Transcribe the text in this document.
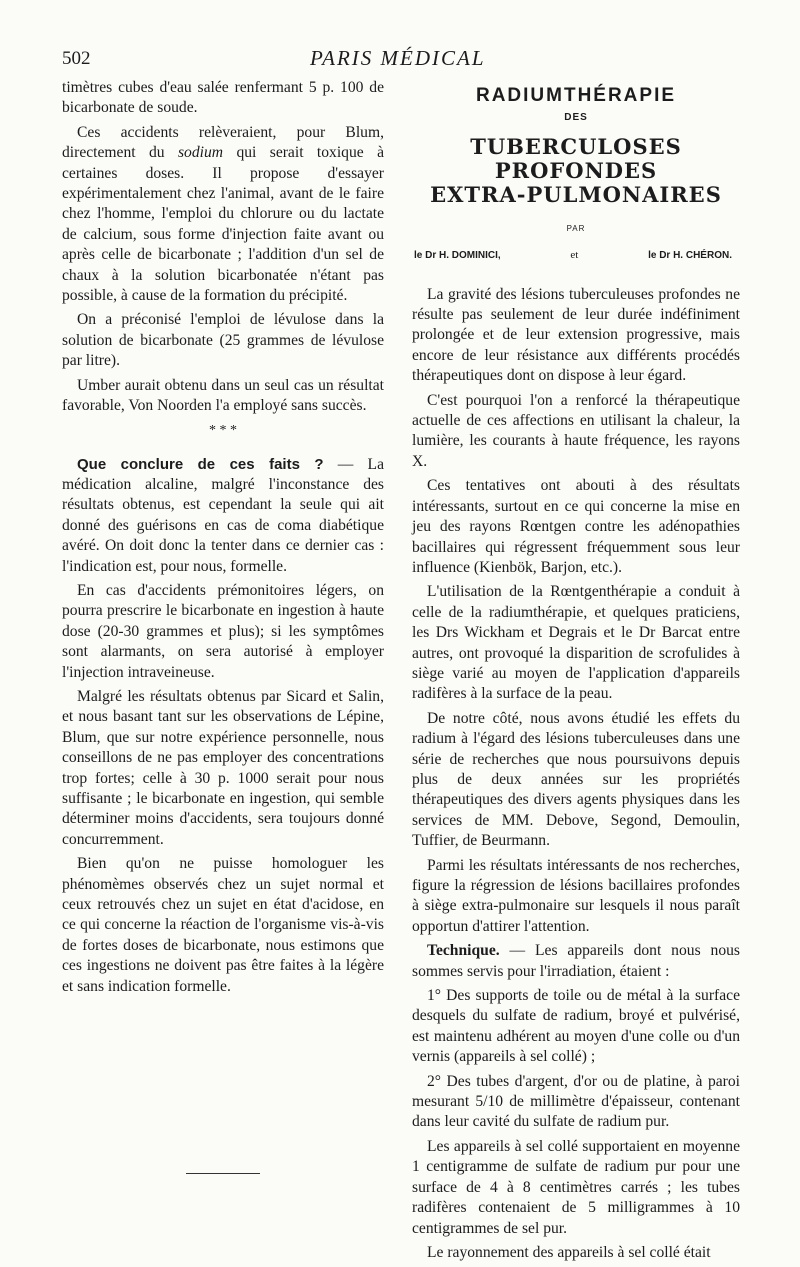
502	PARIS MÉDICAL

timètres cubes d'eau salée renfermant 5 p. 100 de bicarbonate de soude.

Ces accidents relèveraient, pour Blum, directement du sodium qui serait toxique à certaines doses. Il propose d'essayer expérimentalement chez l'animal, avant de le faire chez l'homme, l'emploi du chlorure ou du lactate de calcium, sous forme d'injection faite avant ou après celle de bicarbonate ; l'addition d'un sel de chaux à la solution bicarbonatée n'étant pas possible, à cause de la formation du précipité.

On a préconisé l'emploi de lévulose dans la solution de bicarbonate (25 grammes de lévulose par litre).

Umber aurait obtenu dans un seul cas un résultat favorable, Von Noorden l'a employé sans succès.

* * *

Que conclure de ces faits ? — La médication alcaline, malgré l'inconstance des résultats obtenus, est cependant la seule qui ait donné des guérisons en cas de coma diabétique avéré. On doit donc la tenter dans ce dernier cas : l'indication est, pour nous, formelle.

En cas d'accidents prémonitoires légers, on pourra prescrire le bicarbonate en ingestion à haute dose (20-30 grammes et plus); si les symptômes sont alarmants, on sera autorisé à employer l'injection intraveineuse.

Malgré les résultats obtenus par Sicard et Salin, et nous basant tant sur les observations de Lépine, Blum, que sur notre expérience personnelle, nous conseillons de ne pas employer des concentrations trop fortes; celle à 30 p. 1000 serait pour nous suffisante ; le bicarbonate en ingestion, qui semble déterminer moins d'accidents, sera toujours donné concurremment.

Bien qu'on ne puisse homologuer les phénomèmes observés chez un sujet normal et ceux retrouvés chez un sujet en état d'acidose, en ce qui concerne la réaction de l'organisme vis-à-vis de fortes doses de bicarbonate, nous estimons que ces ingestions ne doivent pas être faites à la légère et sans indication formelle.

RADIUMTHÉRAPIE
DES
TUBERCULOSES PROFONDES
EXTRA-PULMONAIRES
PAR
le Dr H. DOMINICI,	et	le Dr H. CHÉRON.

La gravité des lésions tuberculeuses profondes ne résulte pas seulement de leur durée indéfiniment prolongée et de leur extension progressive, mais encore de leur résistance aux différents procédés thérapeutiques dont on dispose à leur égard.

C'est pourquoi l'on a renforcé la thérapeutique actuelle de ces affections en utilisant la chaleur, la lumière, les courants à haute fréquence, les rayons X.

Ces tentatives ont abouti à des résultats intéressants, surtout en ce qui concerne la mise en jeu des rayons Rœntgen contre les adénopathies bacillaires qui régressent fréquemment sous leur influence (Kienbök, Barjon, etc.).

L'utilisation de la Rœntgenthérapie a conduit à celle de la radiumthérapie, et quelques praticiens, les Drs Wickham et Degrais et le Dr Barcat entre autres, ont provoqué la disparition de scrofulides à siège varié au moyen de l'application d'appareils radifères à la surface de la peau.

De notre côté, nous avons étudié les effets du radium à l'égard des lésions tuberculeuses dans une série de recherches que nous poursuivons depuis plus de deux années sur les propriétés thérapeutiques des divers agents physiques dans les services de MM. Debove, Segond, Demoulin, Tuffier, de Beurmann.

Parmi les résultats intéressants de nos recherches, figure la régression de lésions bacillaires profondes à siège extra-pulmonaire sur lesquels il nous paraît opportun d'attirer l'attention.

Technique. — Les appareils dont nous nous sommes servis pour l'irradiation, étaient :

1° Des supports de toile ou de métal à la surface desquels du sulfate de radium, broyé et pulvérisé, est maintenu adhérent au moyen d'une colle ou d'un vernis (appareils à sel collé) ;

2° Des tubes d'argent, d'or ou de platine, à paroi mesurant 5/10 de millimètre d'épaisseur, contenant dans leur cavité du sulfate de radium pur.

Les appareils à sel collé supportaient en moyenne 1 centigramme de sulfate de radium pur pour une surface de 4 à 8 centimètres carrés ; les tubes radifères contenaient de 5 milligrammes à 10 centigrammes de sel pur.

Le rayonnement des appareils à sel collé était
